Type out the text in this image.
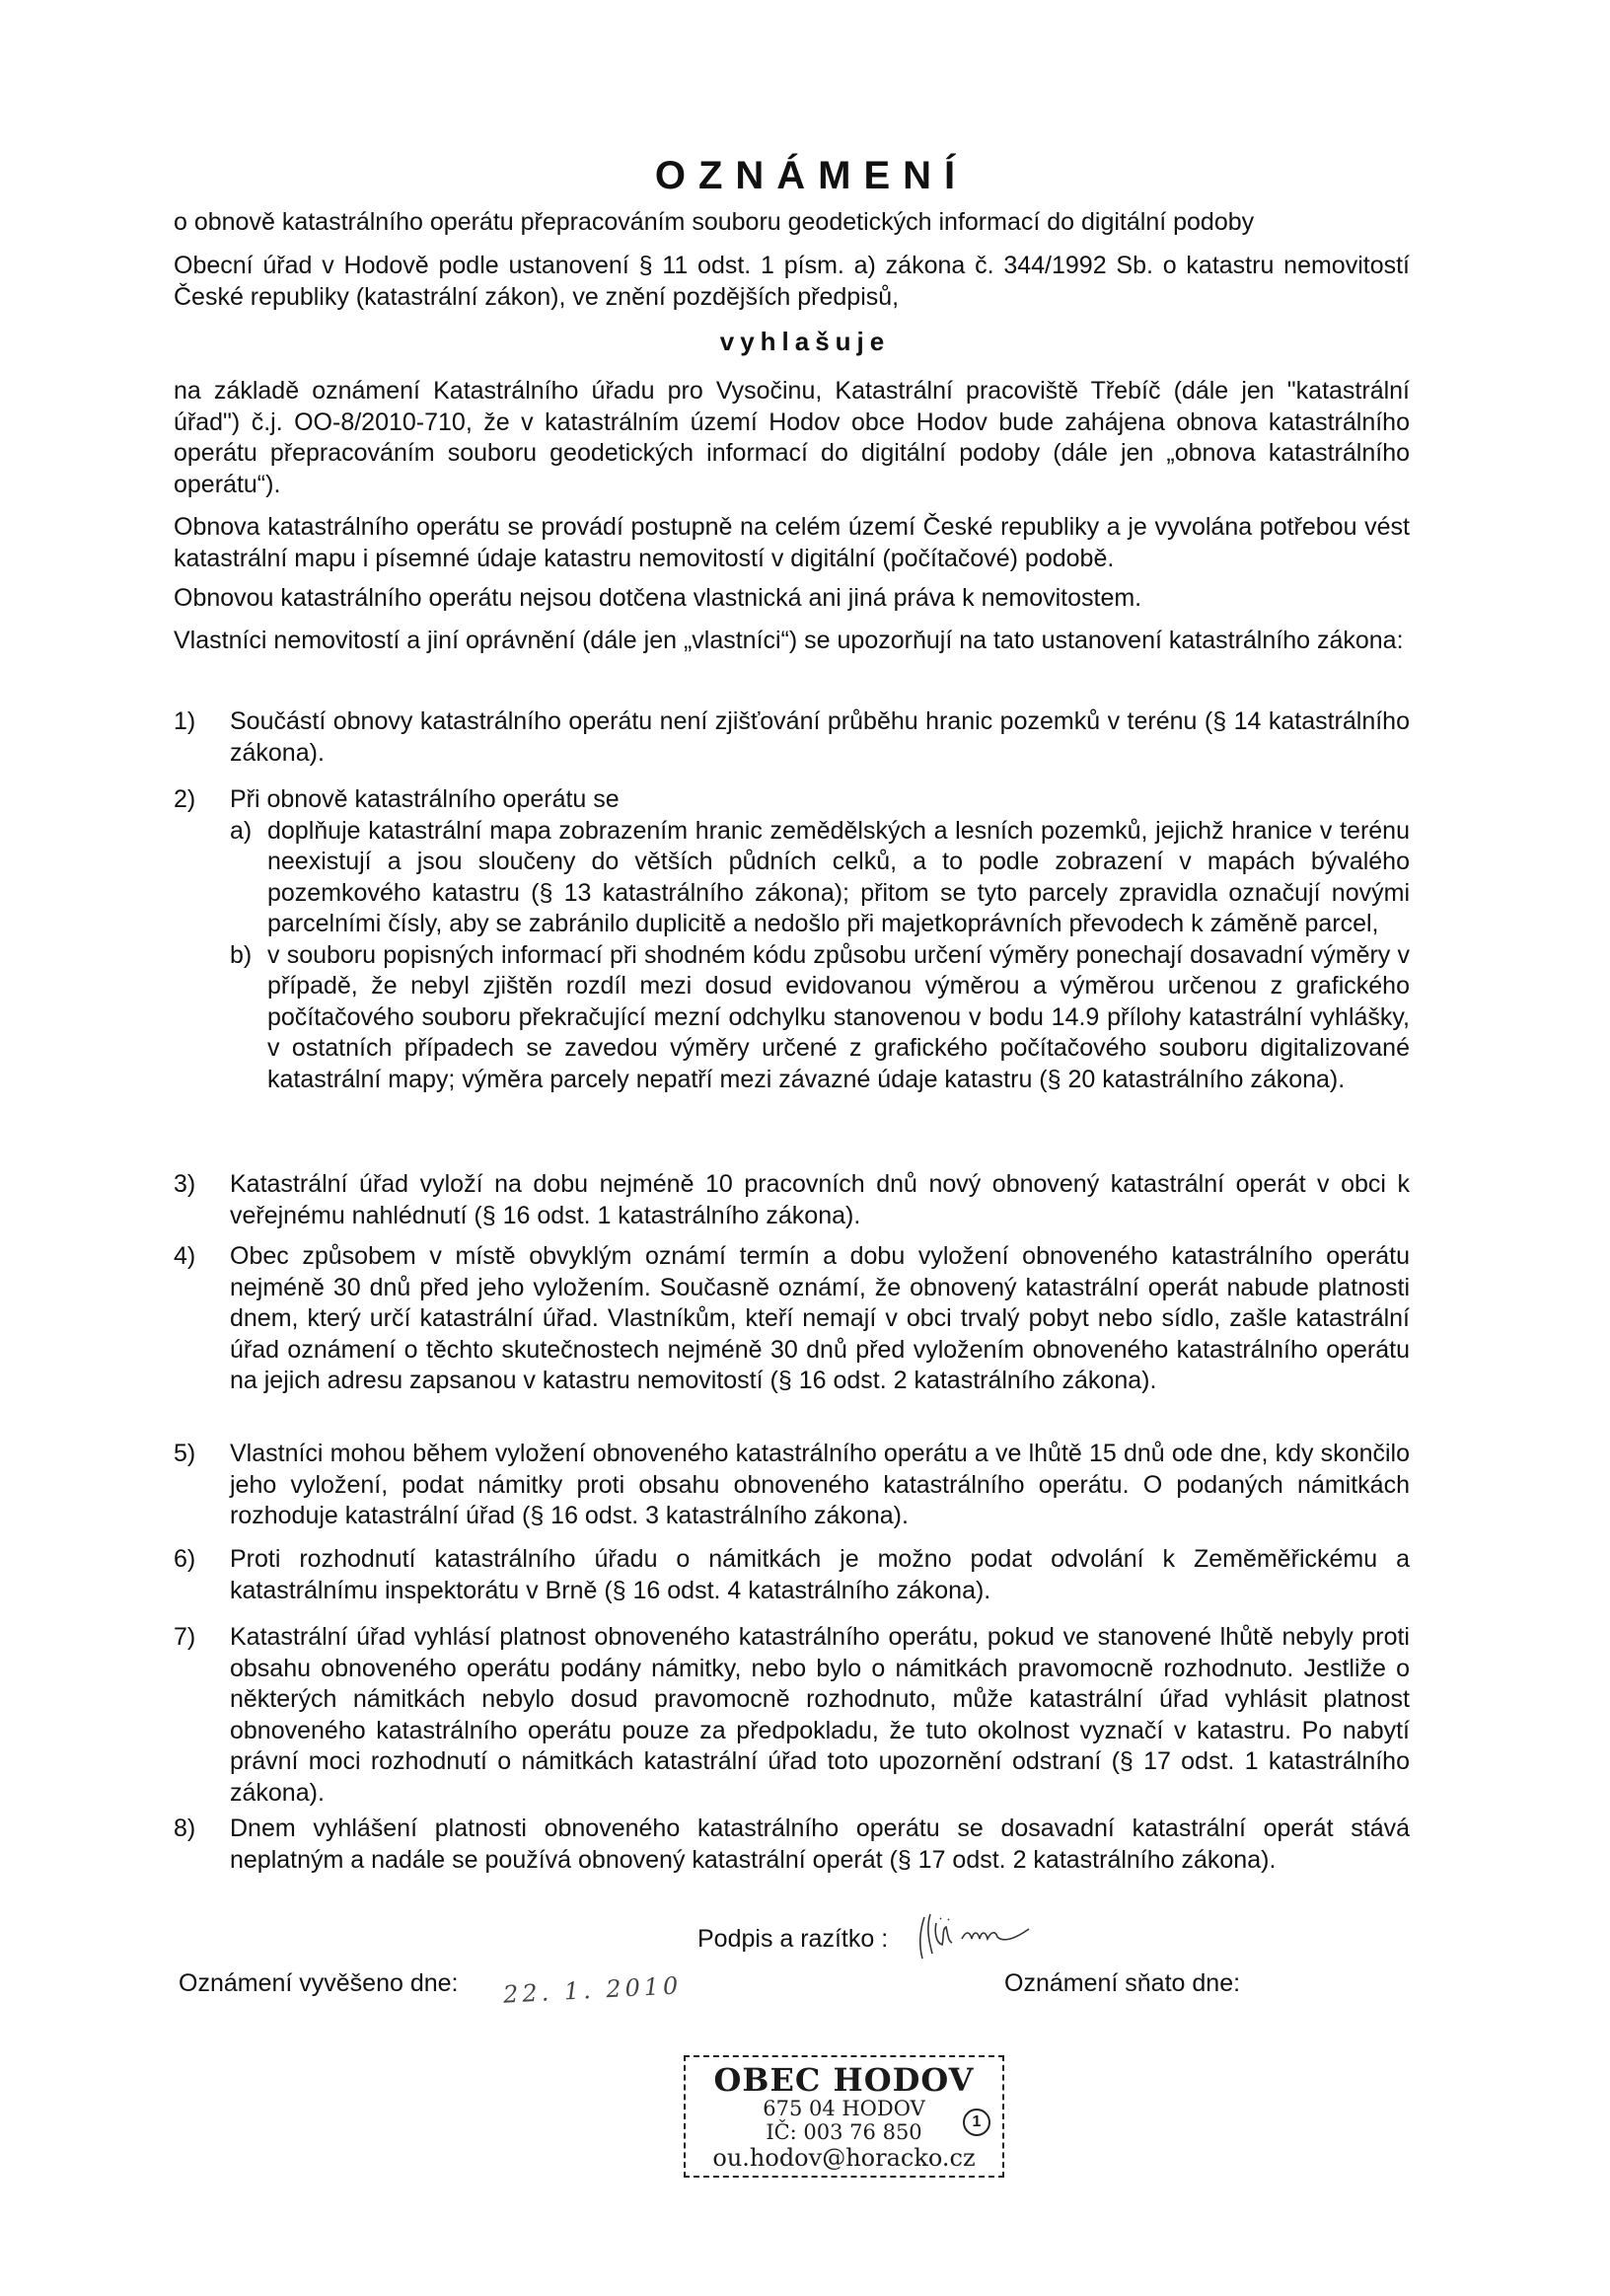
OZNÁMENÍ
o obnově katastrálního operátu přepracováním souboru geodetických informací do digitální podoby
Obecní úřad v Hodově podle ustanovení § 11 odst. 1 písm. a) zákona č. 344/1992 Sb. o katastru nemovitostí České republiky (katastrální zákon), ve znění pozdějších předpisů,
vyhlašuje
na základě oznámení Katastrálního úřadu pro Vysočinu, Katastrální pracoviště Třebíč (dále jen "katastrální úřad") č.j. OO-8/2010-710, že v katastrálním území Hodov obce Hodov bude zahájena obnova katastrálního operátu přepracováním souboru geodetických informací do digitální podoby (dále jen „obnova katastrálního operátu“).
Obnova katastrálního operátu se provádí postupně na celém území České republiky a je vyvolána potřebou vést katastrální mapu i písemné údaje katastru nemovitostí v digitální (počítačové) podobě.
Obnovou katastrálního operátu nejsou dotčena vlastnická ani jiná práva k nemovitostem.
Vlastníci nemovitostí a jiní oprávnění (dále jen „vlastníci“) se upozorňují na tato ustanovení katastrálního zákona:
1)	Součástí obnovy katastrálního operátu není zjišťování průběhu hranic pozemků v terénu (§ 14 katastrálního zákona).
2)	Při obnově katastrálního operátu se
a) doplňuje katastrální mapa zobrazením hranic zemědělských a lesních pozemků, jejichž hranice v terénu neexistují a jsou sloučeny do větších půdních celků, a to podle zobrazení v mapách bývalého pozemkového katastru (§ 13 katastrálního zákona); přitom se tyto parcely zpravidla označují novými parcelními čísly, aby se zabránilo duplicitě a nedošlo při majetkoprávních převodech k záměně parcel,
b) v souboru popisných informací při shodném kódu způsobu určení výměry ponechají dosavadní výměry v případě, že nebyl zjištěn rozdíl mezi dosud evidovanou výměrou a výměrou určenou z grafického počítačového souboru překračující mezní odchylku stanovenou v bodu 14.9 přílohy katastrální vyhlášky, v ostatních případech se zavedou výměry určené z grafického počítačového souboru digitalizované katastrální mapy; výměra parcely nepatří mezi závazné údaje katastru (§ 20 katastrálního zákona).
3)	Katastrální úřad vyloží na dobu nejméně 10 pracovních dnů nový obnovený katastrální operát v obci k veřejnému nahlédnutí (§ 16 odst. 1 katastrálního zákona).
4)	Obec způsobem v místě obvyklým oznámí termín a dobu vyložení obnoveného katastrálního operátu nejméně 30 dnů před jeho vyložením. Současně oznámí, že obnovený katastrální operát nabude platnosti dnem, který určí katastrální úřad. Vlastníkům, kteří nemají v obci trvalý pobyt nebo sídlo, zašle katastrální úřad oznámení o těchto skutečnostech nejméně 30 dnů před vyložením obnoveného katastrálního operátu na jejich adresu zapsanou v katastru nemovitostí (§ 16 odst. 2 katastrálního zákona).
5)	Vlastníci mohou během vyložení obnoveného katastrálního operátu a ve lhůtě 15 dnů ode dne, kdy skončilo jeho vyložení, podat námitky proti obsahu obnoveného katastrálního operátu. O podaných námitkách rozhoduje katastrální úřad (§ 16 odst. 3 katastrálního zákona).
6)	Proti rozhodnutí katastrálního úřadu o námitkách je možno podat odvolání k Zeměměřickému a katastrálnímu inspektorátu v Brně (§ 16 odst. 4 katastrálního zákona).
7)	Katastrální úřad vyhlásí platnost obnoveného katastrálního operátu, pokud ve stanovené lhůtě nebyly proti obsahu obnoveného operátu podány námitky, nebo bylo o námitkách pravomocně rozhodnuto. Jestliže o některých námitkách nebylo dosud pravomocně rozhodnuto, může katastrální úřad vyhlásit platnost obnoveného katastrálního operátu pouze za předpokladu, že tuto okolnost vyznačí v katastru. Po nabytí právní moci rozhodnutí o námitkách katastrální úřad toto upozornění odstraní (§ 17 odst. 1 katastrálního zákona).
8)	Dnem vyhlášení platnosti obnoveného katastrálního operátu se dosavadní katastrální operát stává neplatným a nadále se používá obnovený katastrální operát (§ 17 odst. 2 katastrálního zákona).
Podpis a razítko :
Oznámení vyvěšeno dne: 22. 1. 2010	Oznámení sňato dne:
OBEC HODOV
675 04 HODOV
IČ: 003 76 850
ou.hodov@horacko.cz
1
